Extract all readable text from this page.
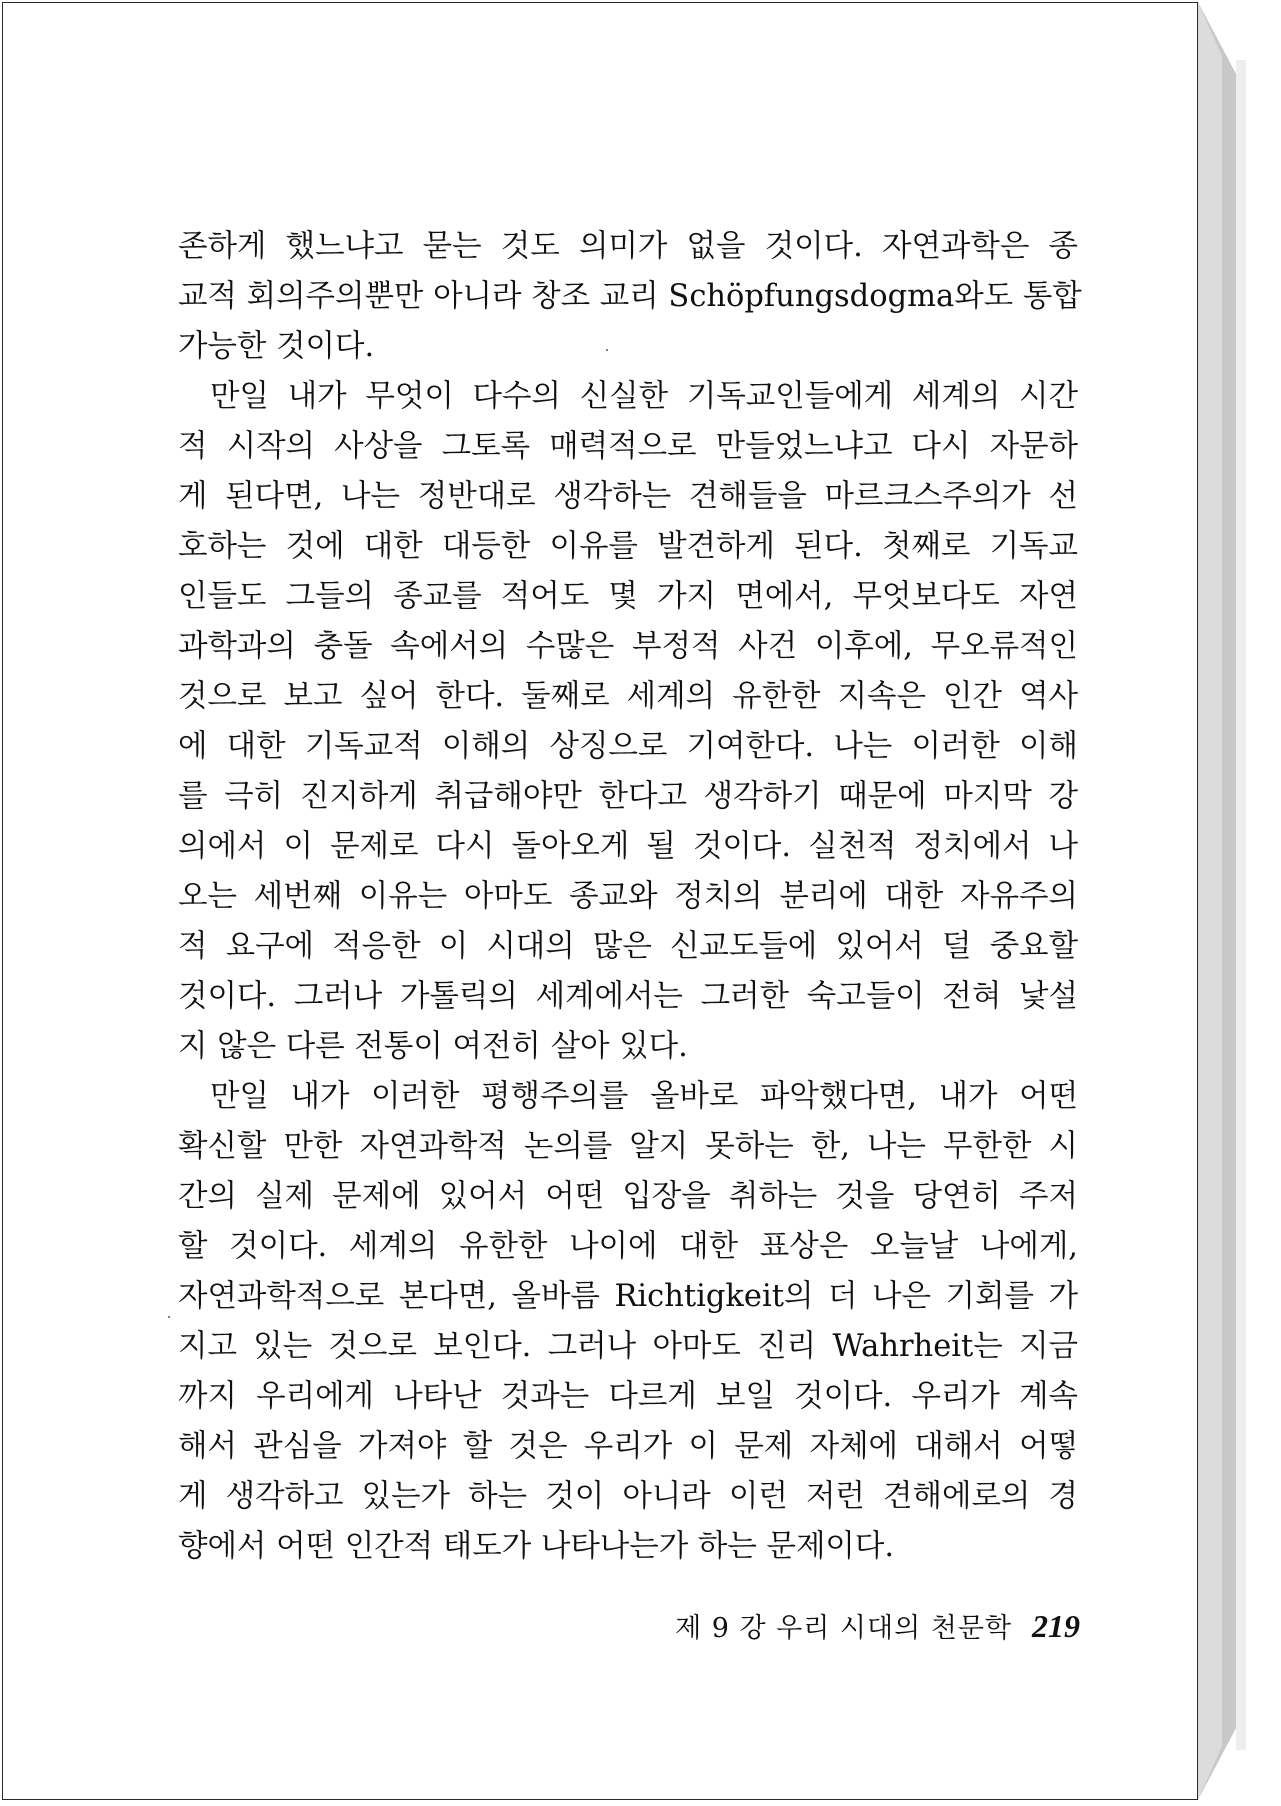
존하게 했느냐고 묻는 것도 의미가 없을 것이다. 자연과학은 종
교적 회의주의뿐만 아니라 창조 교리 Schöpfungsdogma와도 통합
가능한 것이다.
만일 내가 무엇이 다수의 신실한 기독교인들에게 세계의 시간
적 시작의 사상을 그토록 매력적으로 만들었느냐고 다시 자문하
게 된다면, 나는 정반대로 생각하는 견해들을 마르크스주의가 선
호하는 것에 대한 대등한 이유를 발견하게 된다. 첫째로 기독교
인들도 그들의 종교를 적어도 몇 가지 면에서, 무엇보다도 자연
과학과의 충돌 속에서의 수많은 부정적 사건 이후에, 무오류적인
것으로 보고 싶어 한다. 둘째로 세계의 유한한 지속은 인간 역사
에 대한 기독교적 이해의 상징으로 기여한다. 나는 이러한 이해
를 극히 진지하게 취급해야만 한다고 생각하기 때문에 마지막 강
의에서 이 문제로 다시 돌아오게 될 것이다. 실천적 정치에서 나
오는 세번째 이유는 아마도 종교와 정치의 분리에 대한 자유주의
적 요구에 적응한 이 시대의 많은 신교도들에 있어서 덜 중요할
것이다. 그러나 가톨릭의 세계에서는 그러한 숙고들이 전혀 낯설
지 않은 다른 전통이 여전히 살아 있다.
만일 내가 이러한 평행주의를 올바로 파악했다면, 내가 어떤
확신할 만한 자연과학적 논의를 알지 못하는 한, 나는 무한한 시
간의 실제 문제에 있어서 어떤 입장을 취하는 것을 당연히 주저
할 것이다. 세계의 유한한 나이에 대한 표상은 오늘날 나에게,
자연과학적으로 본다면, 올바름 Richtigkeit의 더 나은 기회를 가
지고 있는 것으로 보인다. 그러나 아마도 진리 Wahrheit는 지금
까지 우리에게 나타난 것과는 다르게 보일 것이다. 우리가 계속
해서 관심을 가져야 할 것은 우리가 이 문제 자체에 대해서 어떻
게 생각하고 있는가 하는 것이 아니라 이런 저런 견해에로의 경
향에서 어떤 인간적 태도가 나타나는가 하는 문제이다.
제 9 강 우리 시대의 천문학 219
